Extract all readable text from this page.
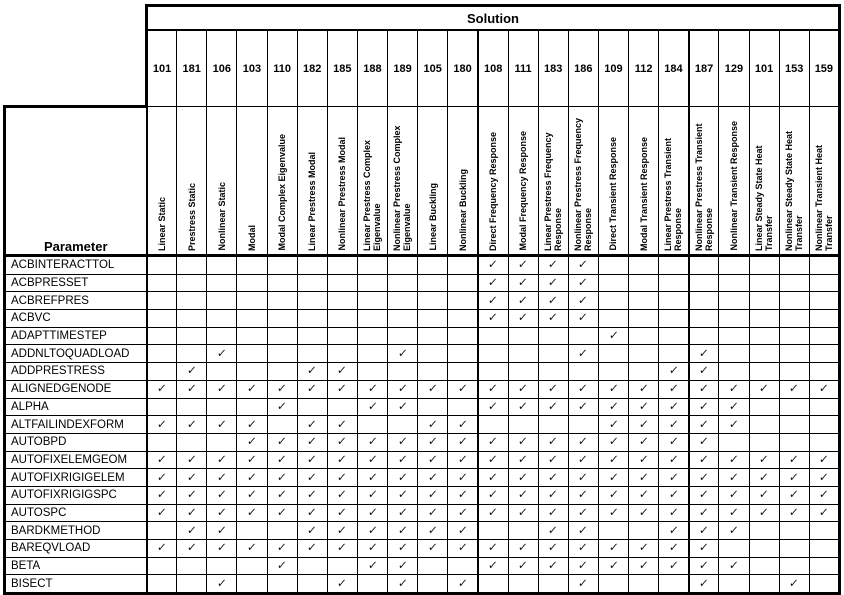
	Solution																						
	101	181	106	103	110	182	185	188	189	105	180	108	111	183	186	109	112	184	187	129	101	153	159
Parameter	Linear Static	Prestress Static	Nonlinear Static	Modal	Modal Complex Eigenvalue	Linear Prestress Modal	Nonlinear Prestress Modal	Linear Prestress Complex Eigenvalue	Nonlinear Prestress Complex Eigenvalue	Linear Buckling	Nonlinear Buckling	Direct Frequency Response	Modal Frequency Response	Linear Prestress Frequency Response	Nonlinear Prestress Frequency Response	Direct Transient Response	Modal Transient Response	Linear Prestress Transient Response	Nonlinear Prestress Transient Response	Nonlinear Transient Response	Linear Steady State Heat Transfer	Nonlinear Steady State Heat Transfer	Nonlinear Transient Heat Transfer

ACBINTERACTTOL												✓	✓	✓	✓								
ACBPRESSET												✓	✓	✓	✓								
ACBREFPRES												✓	✓	✓	✓								
ACBVC												✓	✓	✓	✓								
ADAPTTIMESTEP																✓							
ADDNLTOQUADLOAD			✓						✓						✓				✓				
ADDPRESTRESS		✓				✓	✓											✓	✓				
ALIGNEDGENODE	✓	✓	✓	✓	✓	✓	✓	✓	✓	✓	✓	✓	✓	✓	✓	✓	✓	✓	✓	✓	✓	✓	✓
ALPHA					✓			✓	✓			✓	✓	✓	✓	✓	✓	✓	✓	✓			
ALTFAILINDEXFORM	✓	✓	✓	✓		✓	✓			✓	✓					✓	✓	✓	✓	✓			
AUTOBPD				✓	✓	✓	✓	✓	✓	✓	✓	✓	✓	✓	✓	✓	✓	✓	✓				
AUTOFIXELEMGEOM	✓	✓	✓	✓	✓	✓	✓	✓	✓	✓	✓	✓	✓	✓	✓	✓	✓	✓	✓	✓	✓	✓	✓
AUTOFIXRIGIGELEM	✓	✓	✓	✓	✓	✓	✓	✓	✓	✓	✓	✓	✓	✓	✓	✓	✓	✓	✓	✓	✓	✓	✓
AUTOFIXRIGIGSPC	✓	✓	✓	✓	✓	✓	✓	✓	✓	✓	✓	✓	✓	✓	✓	✓	✓	✓	✓	✓	✓	✓	✓
AUTOSPC	✓	✓	✓	✓	✓	✓	✓	✓	✓	✓	✓	✓	✓	✓	✓	✓	✓	✓	✓	✓	✓	✓	✓
BARDKMETHOD		✓	✓			✓	✓	✓	✓	✓	✓			✓	✓			✓	✓	✓			
BAREQVLOAD	✓	✓	✓	✓	✓	✓	✓	✓	✓	✓	✓	✓	✓	✓	✓	✓	✓	✓	✓				
BETA					✓			✓	✓			✓	✓	✓	✓	✓	✓	✓	✓	✓			
BISECT			✓				✓		✓		✓				✓				✓			✓	
